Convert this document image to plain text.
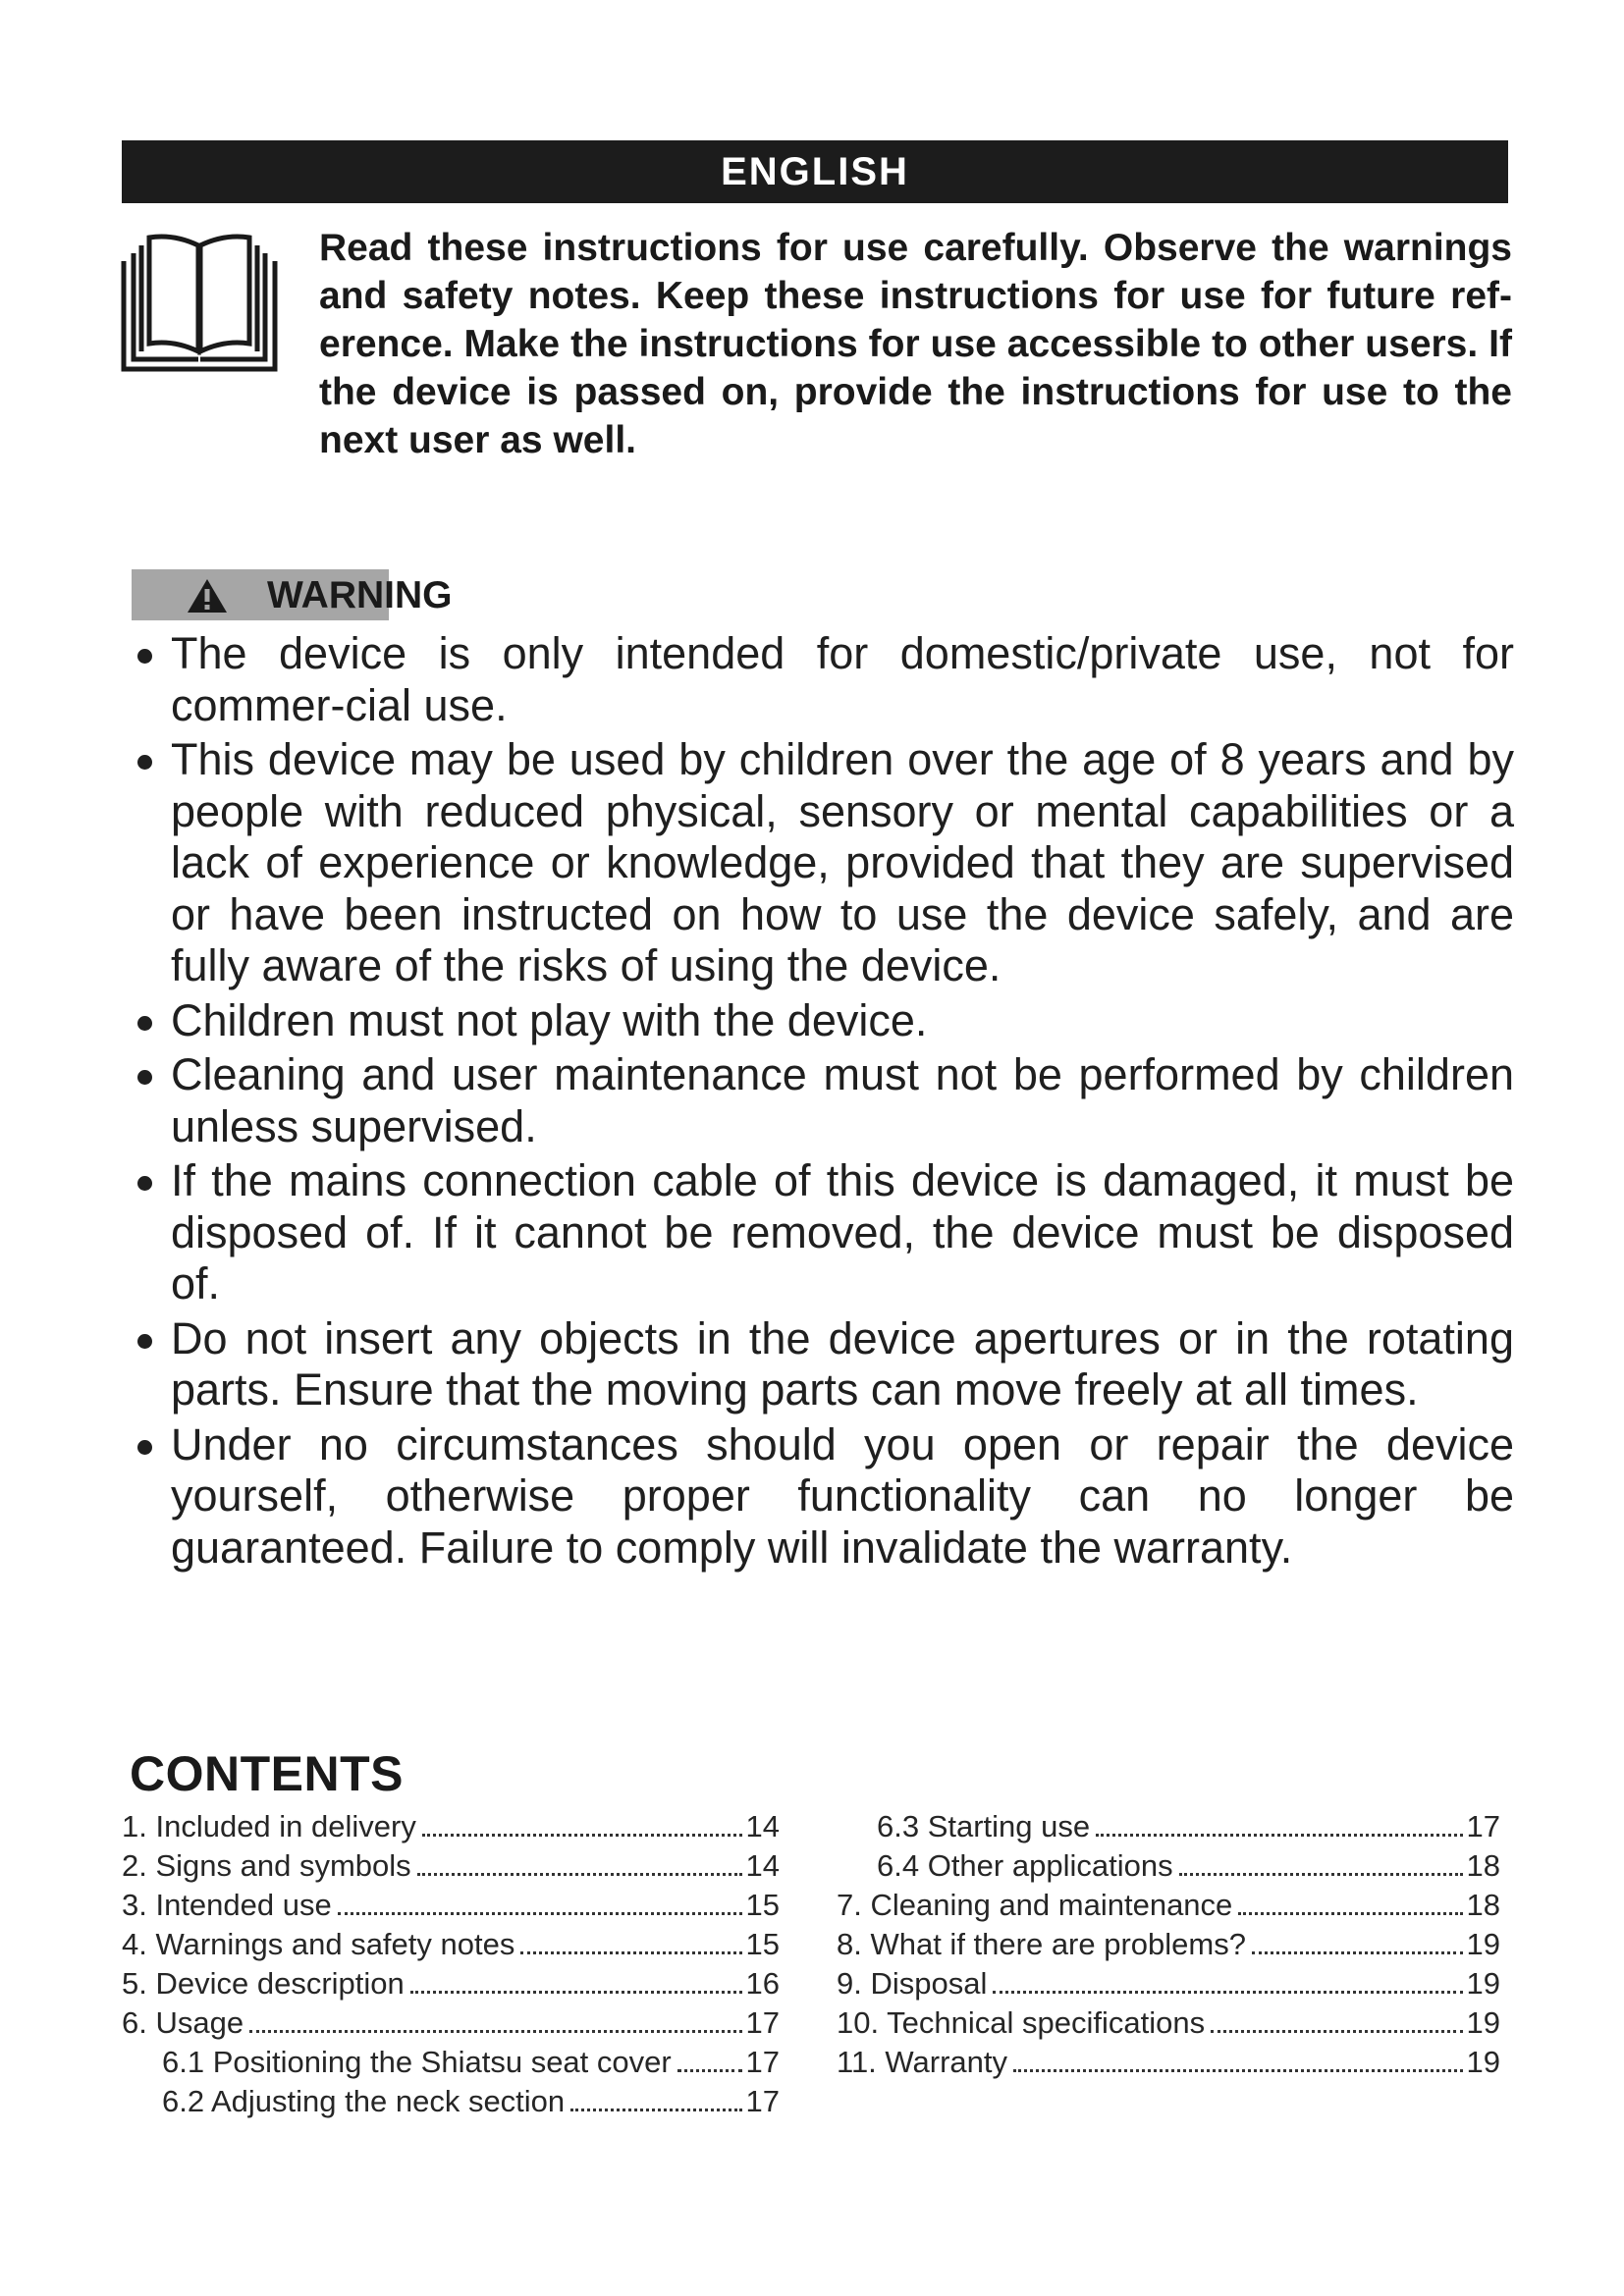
ENGLISH
Read these instructions for use carefully. Observe the warnings and safety notes. Keep these instructions for use for future ref-erence. Make the instructions for use accessible to other users. If the device is passed on, provide the instructions for use to the next user as well.
WARNING
The device is only intended for domestic/private use, not for commer-cial use.
This device may be used by children over the age of 8 years and by people with reduced physical, sensory or mental capabilities or a lack of experience or knowledge, provided that they are supervised or have been instructed on how to use the device safely, and are fully aware of the risks of using the device.
Children must not play with the device.
Cleaning and user maintenance must not be performed by children unless supervised.
If the mains connection cable of this device is damaged, it must be disposed of. If it cannot be removed, the device must be disposed of.
Do not insert any objects in the device apertures or in the rotating parts. Ensure that the moving parts can move freely at all times.
Under no circumstances should you open or repair the device yourself, otherwise proper functionality can no longer be guaranteed. Failure to comply will invalidate the warranty.
CONTENTS
1. Included in delivery	14
2. Signs and symbols	14
3. Intended use	15
4. Warnings and safety notes	15
5. Device description	16
6. Usage	17
6.1 Positioning the Shiatsu seat cover 17
6.2 Adjusting the neck section	17
6.3 Starting use	17
6.4 Other applications	18
7. Cleaning and maintenance	18
8. What if there are problems?	19
9. Disposal	19
10. Technical specifications	19
11. Warranty	19
